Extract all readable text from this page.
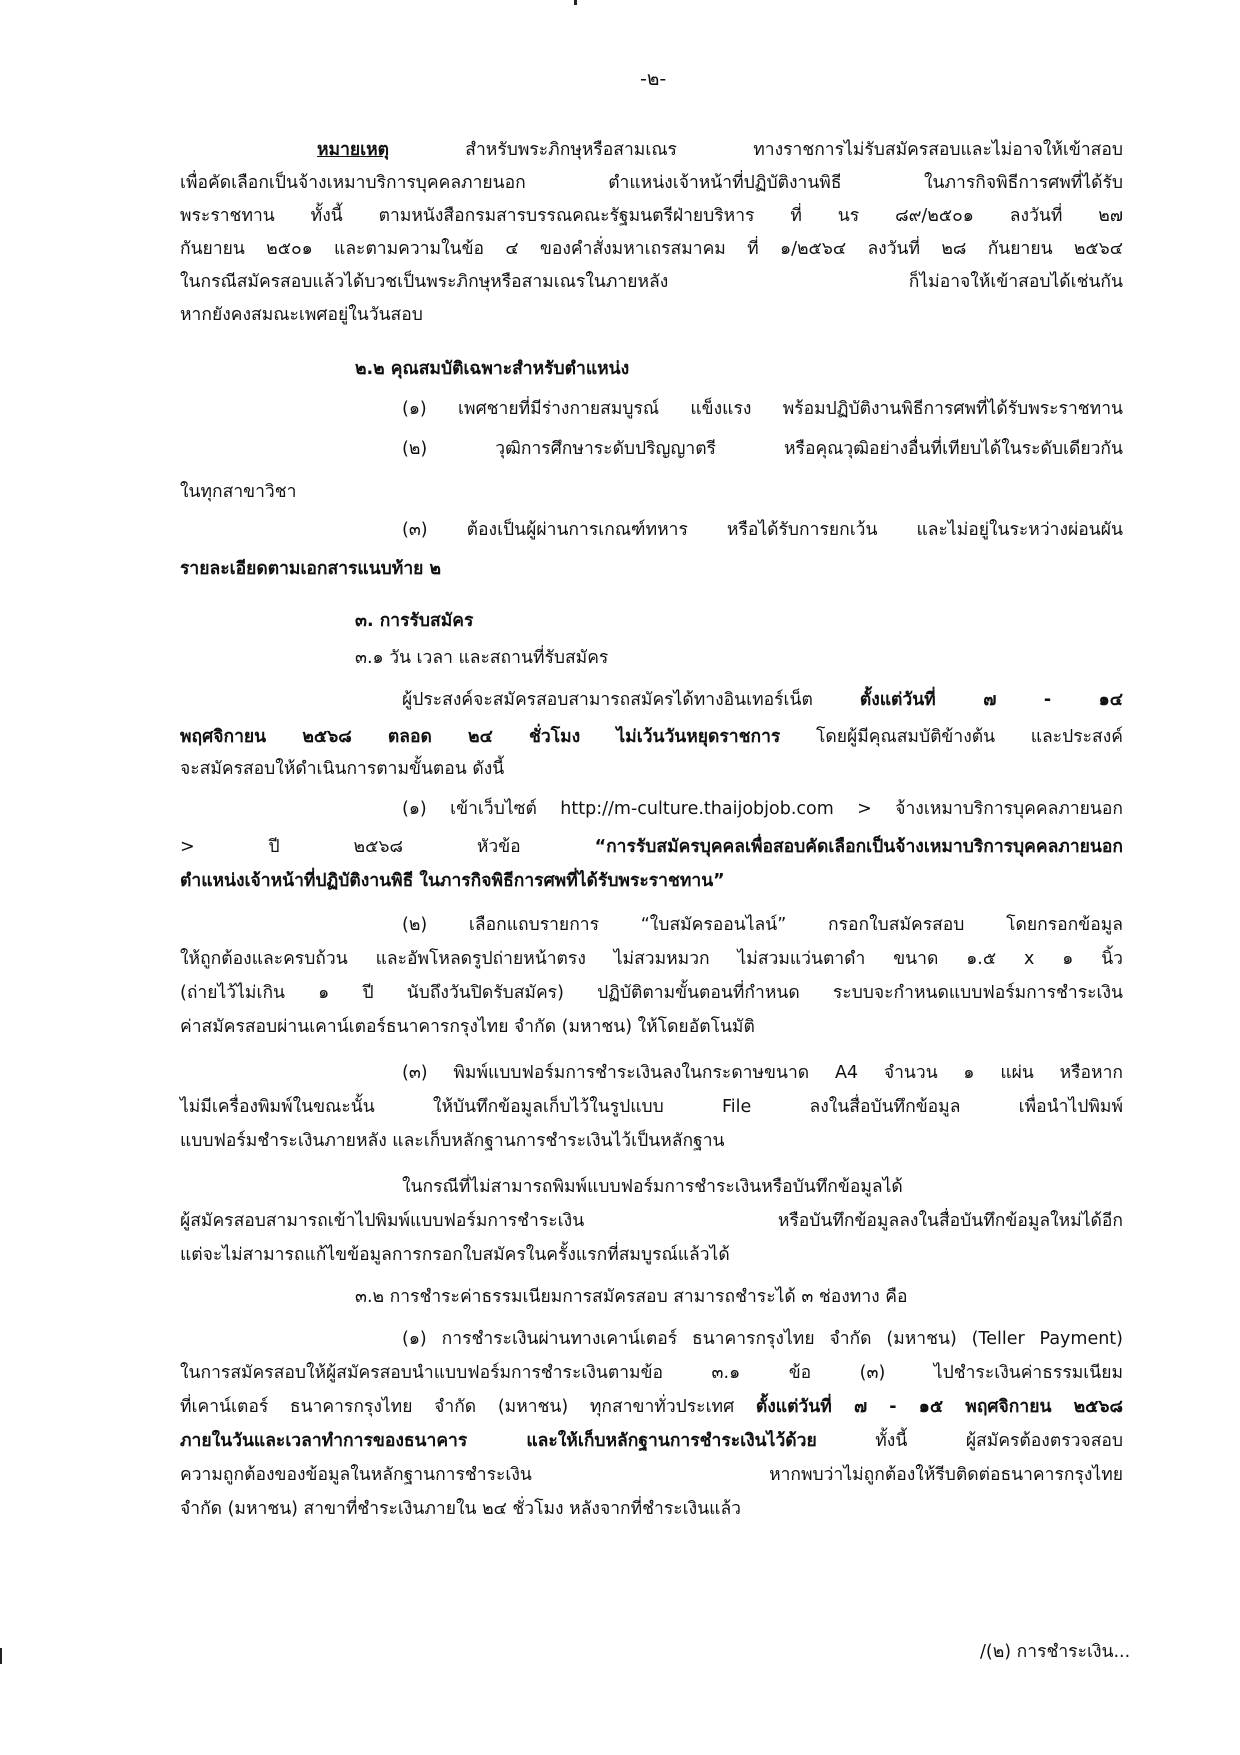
-๒-
หมายเหตุ สำหรับพระภิกษุหรือสามเณร ทางราชการไม่รับสมัครสอบและไม่อาจให้เข้าสอบ
เพื่อคัดเลือกเป็นจ้างเหมาบริการบุคคลภายนอก ตำแหน่งเจ้าหน้าที่ปฏิบัติงานพิธี ในภารกิจพิธีการศพที่ได้รับ
พระราชทาน ทั้งนี้ ตามหนังสือกรมสารบรรณคณะรัฐมนตรีฝ่ายบริหาร ที่ นร ๘๙/๒๕๐๑ ลงวันที่ ๒๗
กันยายน ๒๕๐๑ และตามความในข้อ ๔ ของคำสั่งมหาเถรสมาคม ที่ ๑/๒๕๖๔ ลงวันที่ ๒๘ กันยายน ๒๕๖๔
ในกรณีสมัครสอบแล้วได้บวชเป็นพระภิกษุหรือสามเณรในภายหลัง ก็ไม่อาจให้เข้าสอบได้เช่นกัน
หากยังคงสมณะเพศอยู่ในวันสอบ
๒.๒ คุณสมบัติเฉพาะสำหรับตำแหน่ง
(๑) เพศชายที่มีร่างกายสมบูรณ์ แข็งแรง พร้อมปฏิบัติงานพิธีการศพที่ได้รับพระราชทาน
(๒) วุฒิการศึกษาระดับปริญญาตรี หรือคุณวุฒิอย่างอื่นที่เทียบได้ในระดับเดียวกัน
ในทุกสาขาวิชา
(๓) ต้องเป็นผู้ผ่านการเกณฑ์ทหาร หรือได้รับการยกเว้น และไม่อยู่ในระหว่างผ่อนผัน
รายละเอียดตามเอกสารแนบท้าย ๒
๓. การรับสมัคร
๓.๑ วัน เวลา และสถานที่รับสมัคร
ผู้ประสงค์จะสมัครสอบสามารถสมัครได้ทางอินเทอร์เน็ต ตั้งแต่วันที่ ๗ - ๑๔
พฤศจิกายน ๒๕๖๘ ตลอด ๒๔ ชั่วโมง ไม่เว้นวันหยุดราชการ โดยผู้มีคุณสมบัติข้างต้น และประสงค์
จะสมัครสอบให้ดำเนินการตามขั้นตอน ดังนี้
(๑) เข้าเว็บไซต์ http://m-culture.thaijobjob.com > จ้างเหมาบริการบุคคลภายนอก
> ปี ๒๕๖๘ หัวข้อ “การรับสมัครบุคคลเพื่อสอบคัดเลือกเป็นจ้างเหมาบริการบุคคลภายนอก
ตำแหน่งเจ้าหน้าที่ปฏิบัติงานพิธี ในภารกิจพิธีการศพที่ได้รับพระราชทาน”
(๒) เลือกแถบรายการ “ใบสมัครออนไลน์” กรอกใบสมัครสอบ โดยกรอกข้อมูล
ให้ถูกต้องและครบถ้วน และอัพโหลดรูปถ่ายหน้าตรง ไม่สวมหมวก ไม่สวมแว่นตาดำ ขนาด ๑.๕ x ๑ นิ้ว
(ถ่ายไว้ไม่เกิน ๑ ปี นับถึงวันปิดรับสมัคร) ปฏิบัติตามขั้นตอนที่กำหนด ระบบจะกำหนดแบบฟอร์มการชำระเงิน
ค่าสมัครสอบผ่านเคาน์เตอร์ธนาคารกรุงไทย จำกัด (มหาชน) ให้โดยอัตโนมัติ
(๓) พิมพ์แบบฟอร์มการชำระเงินลงในกระดาษขนาด A4 จำนวน ๑ แผ่น หรือหาก
ไม่มีเครื่องพิมพ์ในขณะนั้น ให้บันทึกข้อมูลเก็บไว้ในรูปแบบ File ลงในสื่อบันทึกข้อมูล เพื่อนำไปพิมพ์
แบบฟอร์มชำระเงินภายหลัง และเก็บหลักฐานการชำระเงินไว้เป็นหลักฐาน
ในกรณีที่ไม่สามารถพิมพ์แบบฟอร์มการชำระเงินหรือบันทึกข้อมูลได้
ผู้สมัครสอบสามารถเข้าไปพิมพ์แบบฟอร์มการชำระเงิน หรือบันทึกข้อมูลลงในสื่อบันทึกข้อมูลใหม่ได้อีก
แต่จะไม่สามารถแก้ไขข้อมูลการกรอกใบสมัครในครั้งแรกที่สมบูรณ์แล้วได้
๓.๒ การชำระค่าธรรมเนียมการสมัครสอบ สามารถชำระได้ ๓ ช่องทาง คือ
(๑) การชำระเงินผ่านทางเคาน์เตอร์ ธนาคารกรุงไทย จำกัด (มหาชน) (Teller Payment)
ในการสมัครสอบให้ผู้สมัครสอบนำแบบฟอร์มการชำระเงินตามข้อ ๓.๑ ข้อ (๓) ไปชำระเงินค่าธรรมเนียม
ที่เคาน์เตอร์ ธนาคารกรุงไทย จำกัด (มหาชน) ทุกสาขาทั่วประเทศ ตั้งแต่วันที่ ๗ - ๑๕ พฤศจิกายน ๒๕๖๘
ภายในวันและเวลาทำการของธนาคาร และให้เก็บหลักฐานการชำระเงินไว้ด้วย ทั้งนี้ ผู้สมัครต้องตรวจสอบ
ความถูกต้องของข้อมูลในหลักฐานการชำระเงิน หากพบว่าไม่ถูกต้องให้รีบติดต่อธนาคารกรุงไทย
จำกัด (มหาชน) สาขาที่ชำระเงินภายใน ๒๔ ชั่วโมง หลังจากที่ชำระเงินแล้ว
/(๒) การชำระเงิน...
